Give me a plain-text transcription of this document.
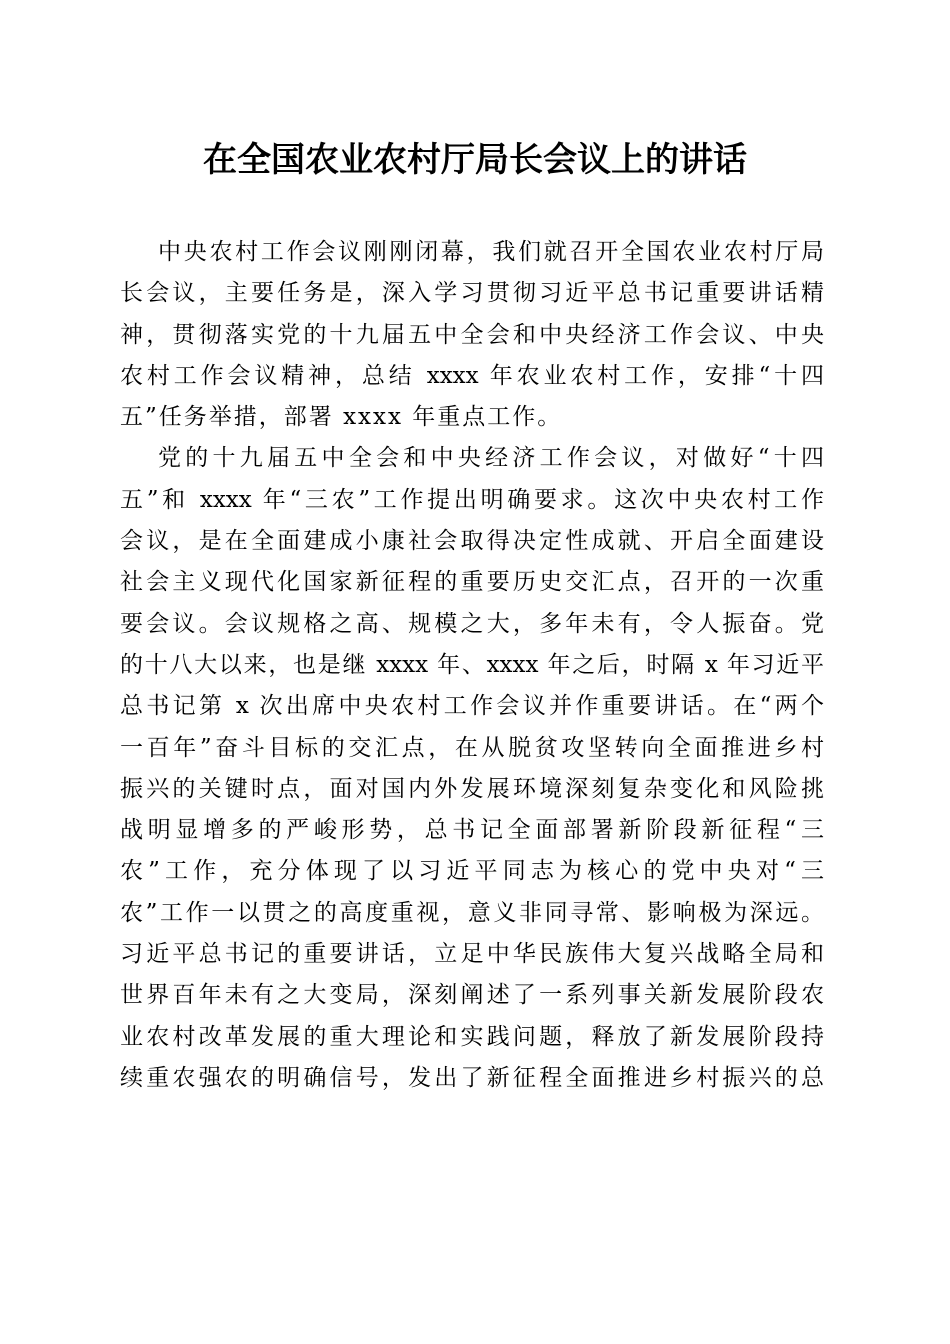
在全国农业农村厅局长会议上的讲话
中央农村工作会议刚刚闭幕，我们就召开全国农业农村厅局
长会议，主要任务是，深入学习贯彻习近平总书记重要讲话精
神，贯彻落实党的十九届五中全会和中央经济工作会议、中央
农村工作会议精神，总结 xxxx 年农业农村工作，安排“十四
五”任务举措，部署 xxxx 年重点工作。
党的十九届五中全会和中央经济工作会议，对做好“十四
五”和 xxxx 年“三农”工作提出明确要求。这次中央农村工作
会议，是在全面建成小康社会取得决定性成就、开启全面建设
社会主义现代化国家新征程的重要历史交汇点，召开的一次重
要会议。会议规格之高、规模之大，多年未有，令人振奋。党
的十八大以来，也是继 xxxx 年、xxxx 年之后，时隔 x 年习近平
总书记第 x 次出席中央农村工作会议并作重要讲话。在“两个
一百年”奋斗目标的交汇点，在从脱贫攻坚转向全面推进乡村
振兴的关键时点，面对国内外发展环境深刻复杂变化和风险挑
战明显增多的严峻形势，总书记全面部署新阶段新征程“三
农”工作，充分体现了以习近平同志为核心的党中央对“三
农”工作一以贯之的高度重视，意义非同寻常、影响极为深远。
习近平总书记的重要讲话，立足中华民族伟大复兴战略全局和
世界百年未有之大变局，深刻阐述了一系列事关新发展阶段农
业农村改革发展的重大理论和实践问题，释放了新发展阶段持
续重农强农的明确信号，发出了新征程全面推进乡村振兴的总
